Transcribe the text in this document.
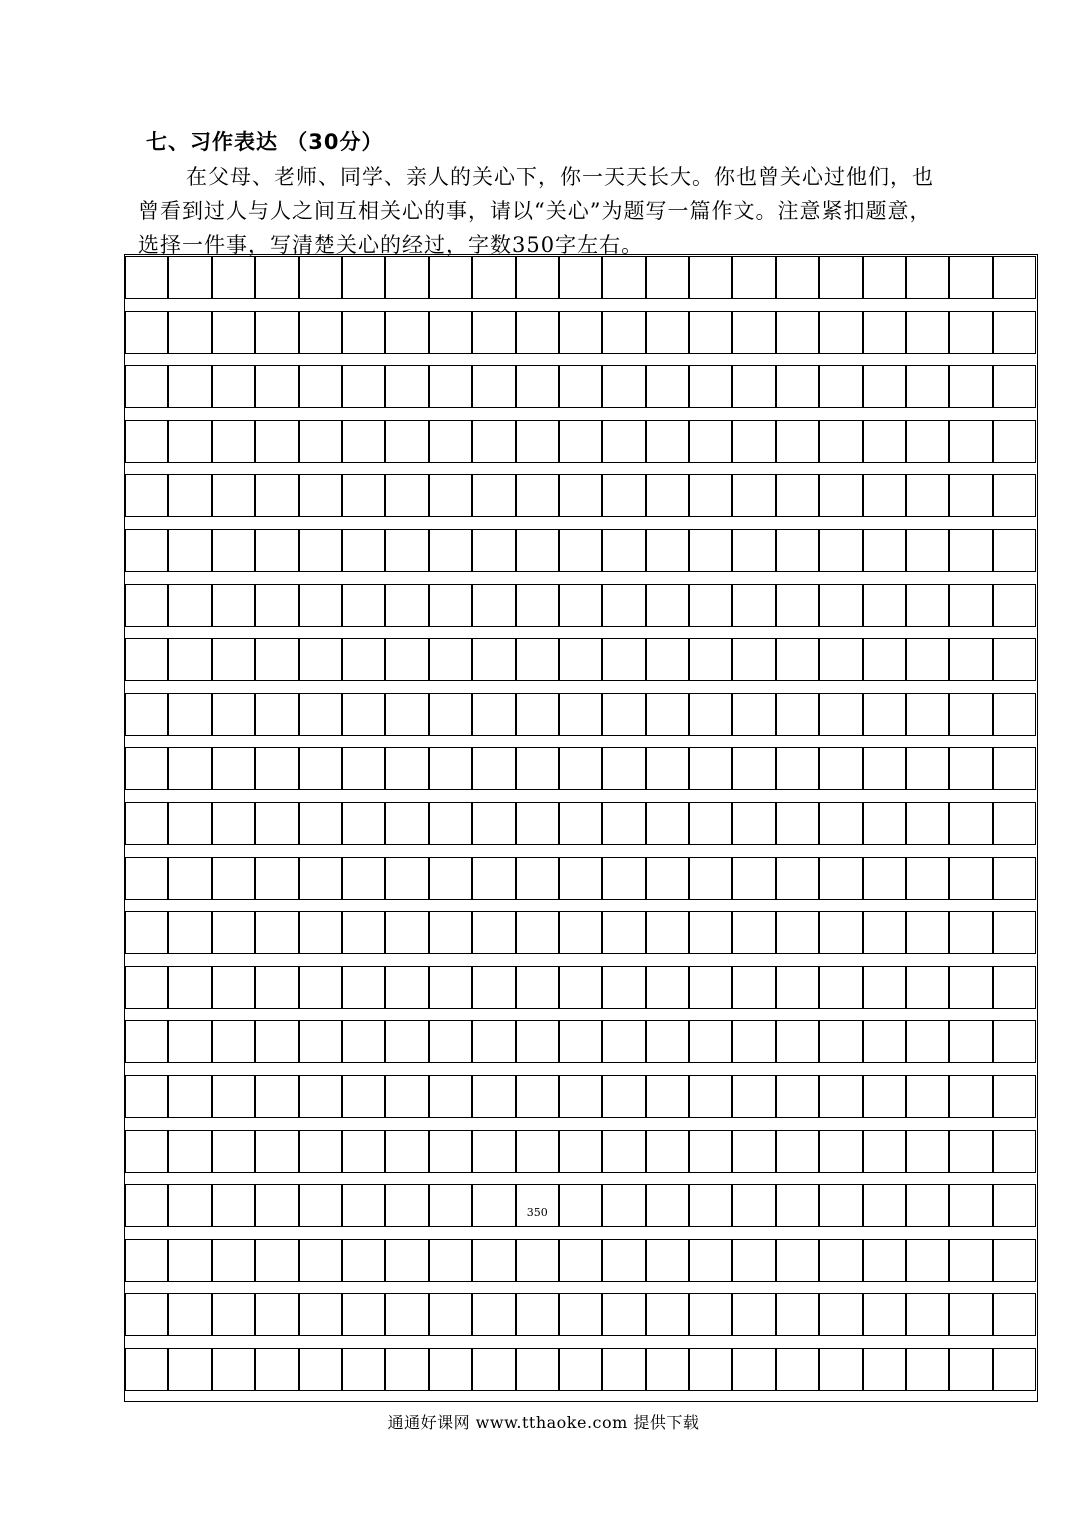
七、习作表达 （30分）
在父母、老师、同学、亲人的关心下，你一天天长大。你也曾关心过他们，也
曾看到过人与人之间互相关心的事，请以“关心”为题写一篇作文。注意紧扣题意，
选择一件事，写清楚关心的经过，字数350字左右。
350
通通好课网 www.tthaoke.com 提供下载
